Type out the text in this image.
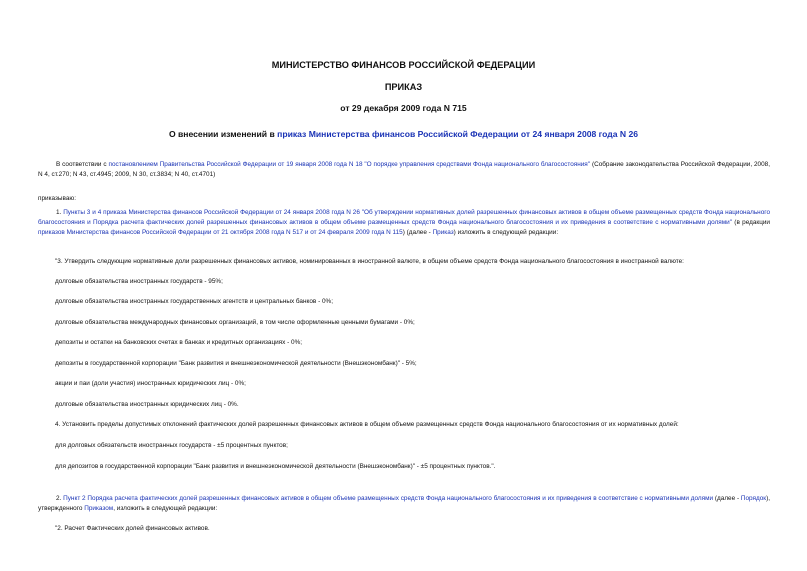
МИНИСТЕРСТВО ФИНАНСОВ РОССИЙСКОЙ ФЕДЕРАЦИИ
ПРИКАЗ
от 29 декабря 2009 года N 715
О внесении изменений в приказ Министерства финансов Российской Федерации от 24 января 2008 года N 26
В соответствии с постановлением Правительства Российской Федерации от 19 января 2008 года N 18 "О порядке управления средствами Фонда национального благосостояния" (Собрание законодательства Российской Федерации, 2008, N 4, ст.270; N 43, ст.4945; 2009, N 30, ст.3834; N 40, ст.4701)
приказываю:
1. Пункты 3 и 4 приказа Министерства финансов Российской Федерации от 24 января 2008 года N 26 "Об утверждении нормативных долей разрешенных финансовых активов в общем объеме размещенных средств Фонда национального благосостояния и Порядка расчета фактических долей разрешенных финансовых активов в общем объеме размещенных средств Фонда национального благосостояния и их приведения в соответствие с нормативными долями" (в редакции приказов Министерства финансов Российской Федерации от 21 октября 2008 года N 517 и от 24 февраля 2009 года N 115) (далее - Приказ) изложить в следующей редакции:
"3. Утвердить следующие нормативные доли разрешенных финансовых активов, номинированных в иностранной валюте, в общем объеме средств Фонда национального благосостояния в иностранной валюте:
долговые обязательства иностранных государств - 95%;
долговые обязательства иностранных государственных агентств и центральных банков - 0%;
долговые обязательства международных финансовых организаций, в том числе оформленные ценными бумагами - 0%;
депозиты и остатки на банковских счетах в банках и кредитных организациях - 0%;
депозиты в государственной корпорации "Банк развития и внешнеэкономической деятельности (Внешэкономбанк)" - 5%;
акции и паи (доли участия) иностранных юридических лиц - 0%;
долговые обязательства иностранных юридических лиц - 0%.
4. Установить пределы допустимых отклонений фактических долей разрешенных финансовых активов в общем объеме размещенных средств Фонда национального благосостояния от их нормативных долей:
для долговых обязательств иностранных государств - ±5 процентных пунктов;
для депозитов в государственной корпорации "Банк развития и внешнеэкономической деятельности (Внешэкономбанк)" - ±5 процентных пунктов.".
2. Пункт 2 Порядка расчета фактических долей разрешенных финансовых активов в общем объеме размещенных средств Фонда национального благосостояния и их приведения в соответствие с нормативными долями (далее - Порядок), утвержденного Приказом, изложить в следующей редакции:
"2. Расчет Фактических долей финансовых активов.
